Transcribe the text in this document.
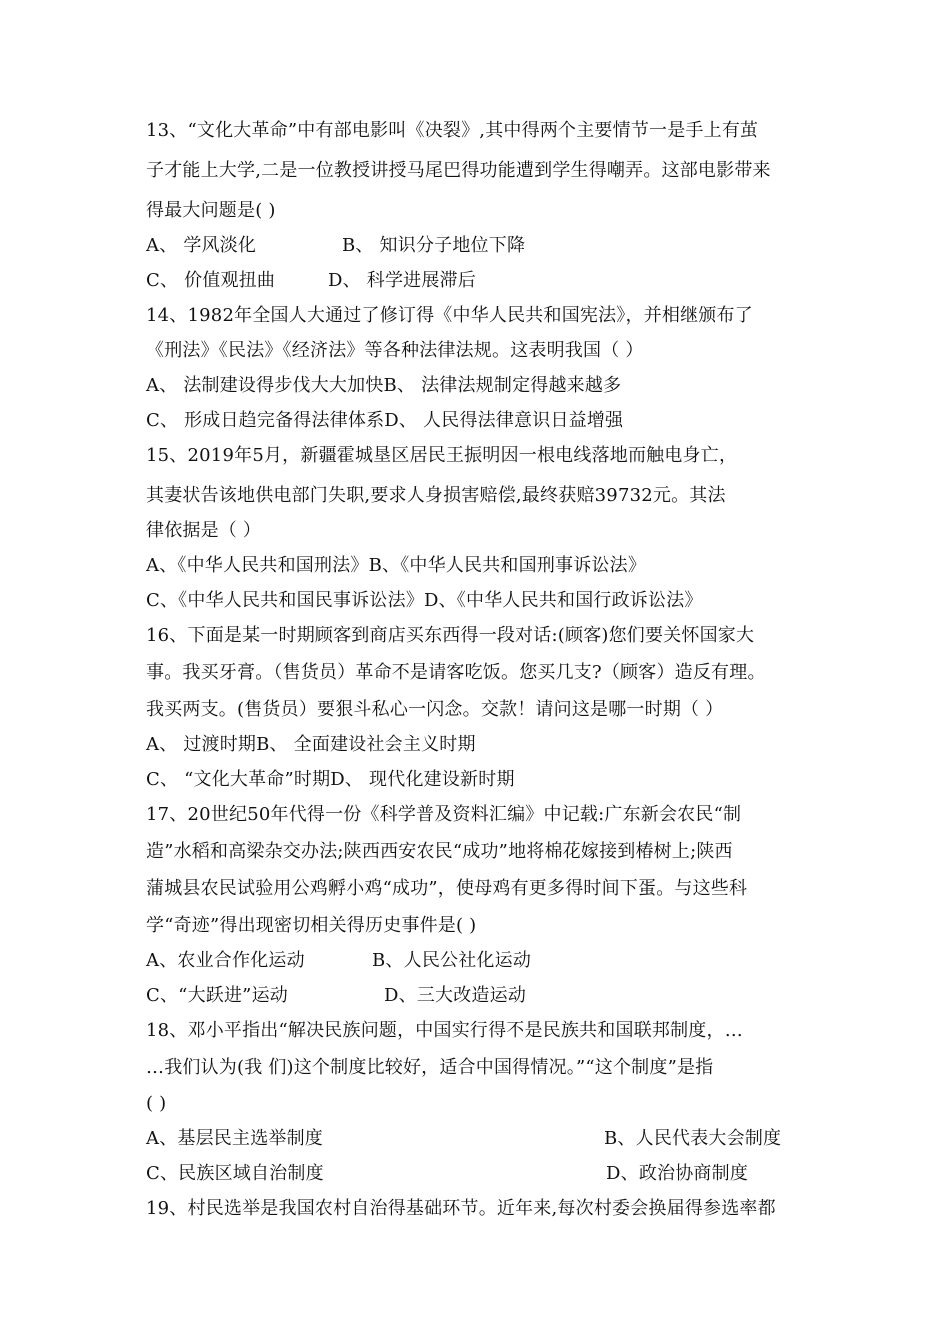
13、“文化大革命”中有部电影叫《决裂》,其中得两个主要情节一是手上有茧
子才能上大学,二是一位教授讲授马尾巴得功能遭到学生得嘲弄。这部电影带来
得最大问题是( )
A、 学风淡化	B、 知识分子地位下降
C、 价值观扭曲	D、 科学进展滞后
14、1982年全国人大通过了修订得《中华人民共和国宪法》，并相继颁布了
《刑法》《民法》《经济法》等各种法律法规。这表明我国（ ）
A、 法制建设得步伐大大加快B、 法律法规制定得越来越多
C、 形成日趋完备得法律体系D、 人民得法律意识日益增强
15、2019年5月，新疆霍城垦区居民王振明因一根电线落地而触电身亡，
其妻状告该地供电部门失职,要求人身损害赔偿,最终获赔39732元。其法
律依据是（ ）
A、《中华人民共和国刑法》B、《中华人民共和国刑事诉讼法》
C、《中华人民共和国民事诉讼法》D、《中华人民共和国行政诉讼法》
16、下面是某一时期顾客到商店买东西得一段对话:(顾客)您们要关怀国家大
事。我买牙膏。（售货员）革命不是请客吃饭。您买几支?（顾客）造反有理。
我买两支。(售货员）要狠斗私心一闪念。交款！请问这是哪一时期（ ）
A、 过渡时期B、 全面建设社会主义时期
C、 “文化大革命”时期D、 现代化建设新时期
17、20世纪50年代得一份《科学普及资料汇编》中记载:广东新会农民“制
造”水稻和高梁杂交办法;陕西西安农民“成功”地将棉花嫁接到椿树上;陕西
蒲城县农民试验用公鸡孵小鸡“成功”，使母鸡有更多得时间下蛋。与这些科
学“奇迹”得出现密切相关得历史事件是( )
A、农业合作化运动	B、人民公社化运动
C、“大跃进”运动	D、三大改造运动
18、邓小平指出“解决民族问题，中国实行得不是民族共和国联邦制度，…
…我们认为(我 们)这个制度比较好，适合中国得情况。”“这个制度”是指
( )
A、基层民主选举制度	B、人民代表大会制度
C、民族区域自治制度	D、政治协商制度
19、村民选举是我国农村自治得基础环节。近年来,每次村委会换届得参选率都
